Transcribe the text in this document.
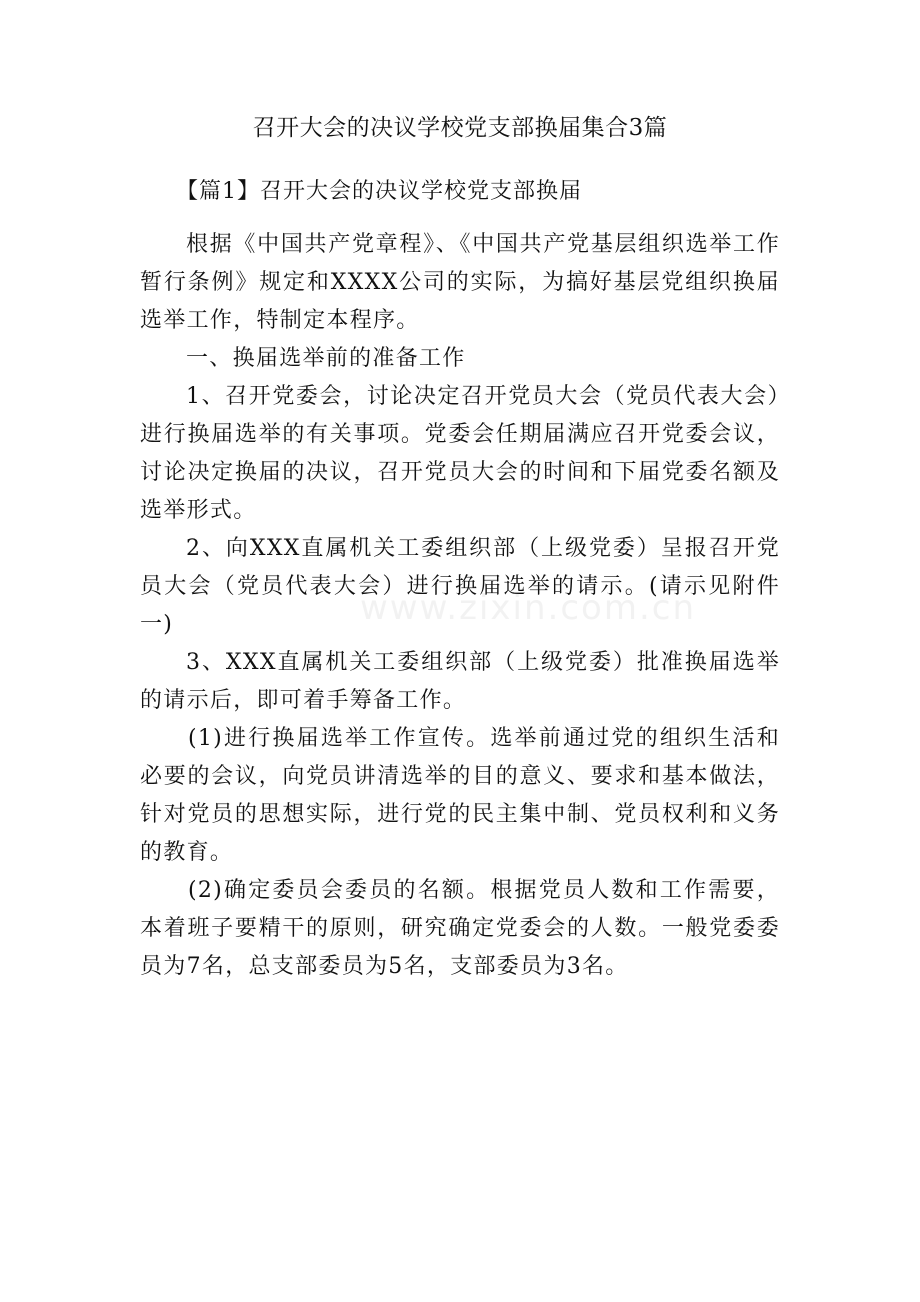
召开大会的决议学校党支部换届集合3篇
【篇1】召开大会的决议学校党支部换届

根据《中国共产党章程》、《中国共产党基层组织选举工作暂行条例》规定和XXXX公司的实际，为搞好基层党组织换届选举工作，特制定本程序。

一、换届选举前的准备工作

1、召开党委会，讨论决定召开党员大会（党员代表大会）进行换届选举的有关事项。党委会任期届满应召开党委会议，讨论决定换届的决议，召开党员大会的时间和下届党委名额及选举形式。

2、向XXX直属机关工委组织部（上级党委）呈报召开党员大会（党员代表大会）进行换届选举的请示。(请示见附件一)

3、XXX直属机关工委组织部（上级党委）批准换届选举的请示后，即可着手筹备工作。

(1)进行换届选举工作宣传。选举前通过党的组织生活和必要的会议，向党员讲清选举的目的意义、要求和基本做法，针对党员的思想实际，进行党的民主集中制、党员权利和义务的教育。

(2)确定委员会委员的名额。根据党员人数和工作需要，本着班子要精干的原则，研究确定党委会的人数。一般党委委员为7名，总支部委员为5名，支部委员为3名。

www.zixin.com.cn
